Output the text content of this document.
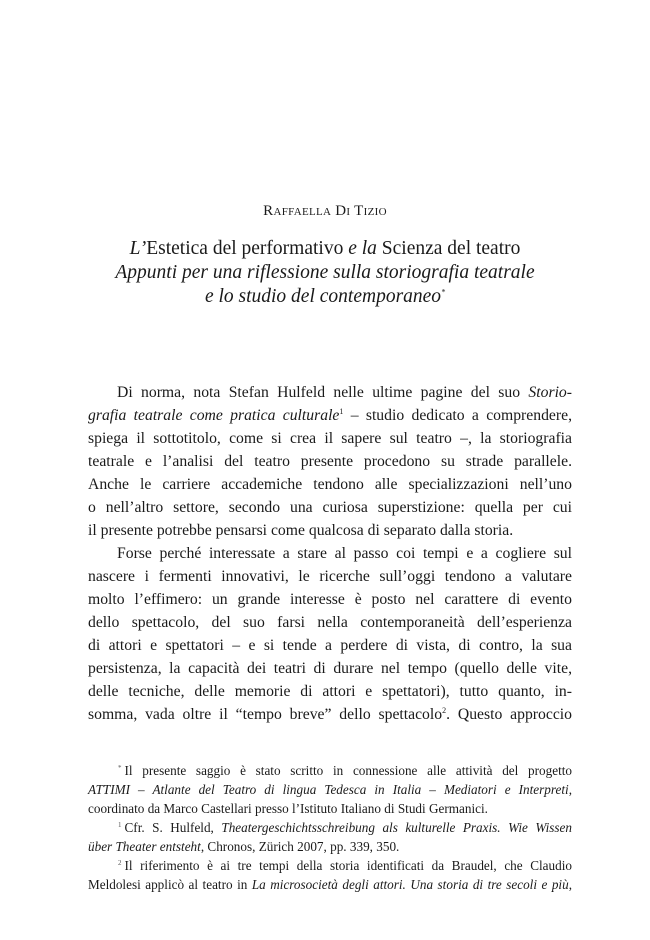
Raffaella Di Tizio
L’Estetica del performativo e la Scienza del teatro
Appunti per una riflessione sulla storiografia teatrale
e lo studio del contemporaneo*
Di norma, nota Stefan Hulfeld nelle ultime pagine del suo Storio-
grafia teatrale come pratica culturale$^1$ – studio dedicato a comprendere,
spiega il sottotitolo, come si crea il sapere sul teatro –, la storiografia
teatrale e l’analisi del teatro presente procedono su strade parallele.
Anche le carriere accademiche tendono alle specializzazioni nell’uno
o nell’altro settore, secondo una curiosa superstizione: quella per cui
il presente potrebbe pensarsi come qualcosa di separato dalla storia.
Forse perché interessate a stare al passo coi tempi e a cogliere sul
nascere i fermenti innovativi, le ricerche sull’oggi tendono a valutare
molto l’effimero: un grande interesse è posto nel carattere di evento
dello spettacolo, del suo farsi nella contemporaneità dell’esperienza
di attori e spettatori – e si tende a perdere di vista, di contro, la sua
persistenza, la capacità dei teatri di durare nel tempo (quello delle vite,
delle tecniche, delle memorie di attori e spettatori), tutto quanto, in-
somma, vada oltre il “tempo breve” dello spettacolo$^2$. Questo approccio
* Il presente saggio è stato scritto in connessione alle attività del progetto
ATTIMI – Atlante del Teatro di lingua Tedesca in Italia – Mediatori e Interpreti,
coordinato da Marco Castellari presso l’Istituto Italiano di Studi Germanici.
$^1$ Cfr. S. Hulfeld, Theatergeschichtsschreibung als kulturelle Praxis. Wie Wissen
über Theater entsteht, Chronos, Zürich 2007, pp. 339, 350.
$^2$ Il riferimento è ai tre tempi della storia identificati da Braudel, che Claudio
Meldolesi applicò al teatro in La microsocietà degli attori. Una storia di tre secoli e più,
